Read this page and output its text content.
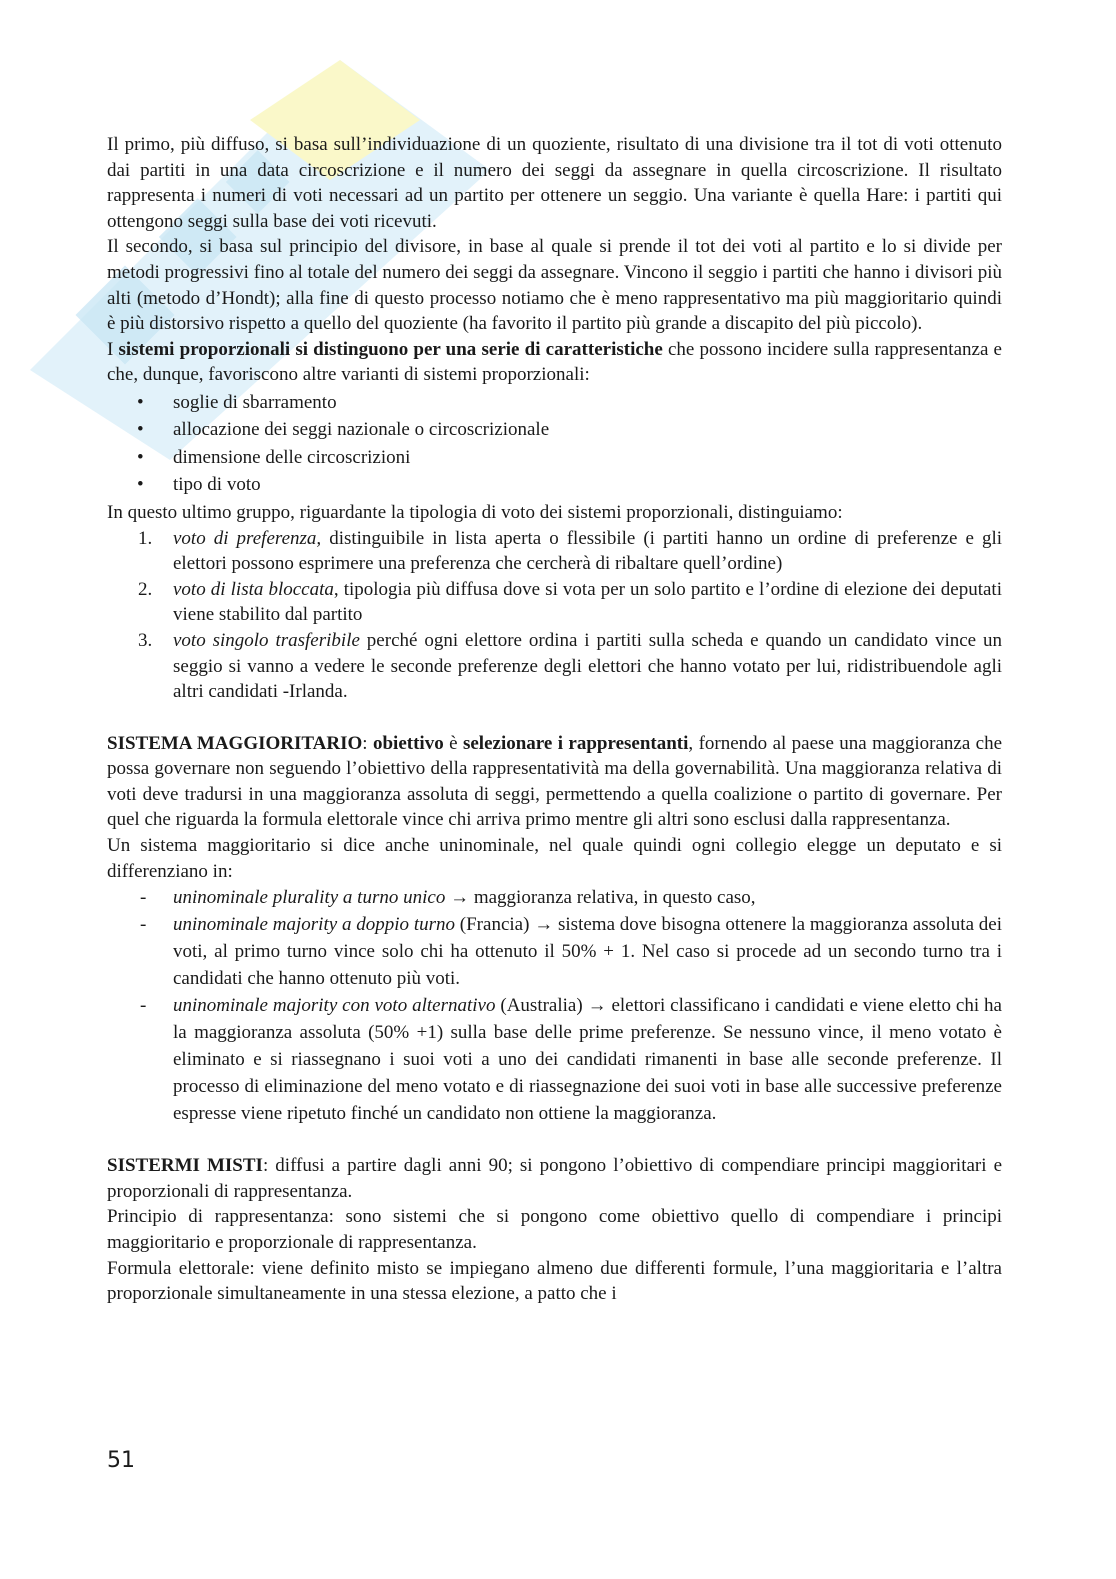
Il primo, più diffuso, si basa sull’individuazione di un quoziente, risultato di una divisione tra il tot di voti ottenuto dai partiti in una data circoscrizione e il numero dei seggi da assegnare in quella circoscrizione. Il risultato rappresenta i numeri di voti necessari ad un partito per ottenere un seggio. Una variante è quella Hare: i partiti qui ottengono seggi sulla base dei voti ricevuti.

Il secondo, si basa sul principio del divisore, in base al quale si prende il tot dei voti al partito e lo si divide per metodi progressivi fino al totale del numero dei seggi da assegnare. Vincono il seggio i partiti che hanno i divisori più alti (metodo d’Hondt); alla fine di questo processo notiamo che è meno rappresentativo ma più maggioritario quindi è più distorsivo rispetto a quello del quoziente (ha favorito il partito più grande a discapito del più piccolo).

I sistemi proporzionali si distinguono per una serie di caratteristiche che possono incidere sulla rappresentanza e che, dunque, favoriscono altre varianti di sistemi proporzionali:

• soglie di sbarramento
• allocazione dei seggi nazionale o circoscrizionale
• dimensione delle circoscrizioni
• tipo di voto

In questo ultimo gruppo, riguardante la tipologia di voto dei sistemi proporzionali, distinguiamo:

1. voto di preferenza, distinguibile in lista aperta o flessibile (i partiti hanno un ordine di preferenze e gli elettori possono esprimere una preferenza che cercherà di ribaltare quell’ordine)
2. voto di lista bloccata, tipologia più diffusa dove si vota per un solo partito e l’ordine di elezione dei deputati viene stabilito dal partito
3. voto singolo trasferibile perché ogni elettore ordina i partiti sulla scheda e quando un candidato vince un seggio si vanno a vedere le seconde preferenze degli elettori che hanno votato per lui, ridistribuendole agli altri candidati -Irlanda.

SISTEMA MAGGIORITARIO: obiettivo è selezionare i rappresentanti, fornendo al paese una maggioranza che possa governare non seguendo l’obiettivo della rappresentatività ma della governabilità. Una maggioranza relativa di voti deve tradursi in una maggioranza assoluta di seggi, permettendo a quella coalizione o partito di governare. Per quel che riguarda la formula elettorale vince chi arriva primo mentre gli altri sono esclusi dalla rappresentanza.

Un sistema maggioritario si dice anche uninominale, nel quale quindi ogni collegio elegge un deputato e si differenziano in:

- uninominale plurality a turno unico → maggioranza relativa, in questo caso,
- uninominale majority a doppio turno (Francia) → sistema dove bisogna ottenere la maggioranza assoluta dei voti, al primo turno vince solo chi ha ottenuto il 50% + 1. Nel caso si procede ad un secondo turno tra i candidati che hanno ottenuto più voti.
- uninominale majority con voto alternativo (Australia) → elettori classificano i candidati e viene eletto chi ha la maggioranza assoluta (50% +1) sulla base delle prime preferenze. Se nessuno vince, il meno votato è eliminato e si riassegnano i suoi voti a uno dei candidati rimanenti in base alle seconde preferenze. Il processo di eliminazione del meno votato e di riassegnazione dei suoi voti in base alle successive preferenze espresse viene ripetuto finché un candidato non ottiene la maggioranza.

SISTERMI MISTI: diffusi a partire dagli anni 90; si pongono l’obiettivo di compendiare principi maggioritari e proporzionali di rappresentanza.

Principio di rappresentanza: sono sistemi che si pongono come obiettivo quello di compendiare i principi maggioritario e proporzionale di rappresentanza.

Formula elettorale: viene definito misto se impiegano almeno due differenti formule, l’una maggioritaria e l’altra proporzionale simultaneamente in una stessa elezione, a patto che i

51
